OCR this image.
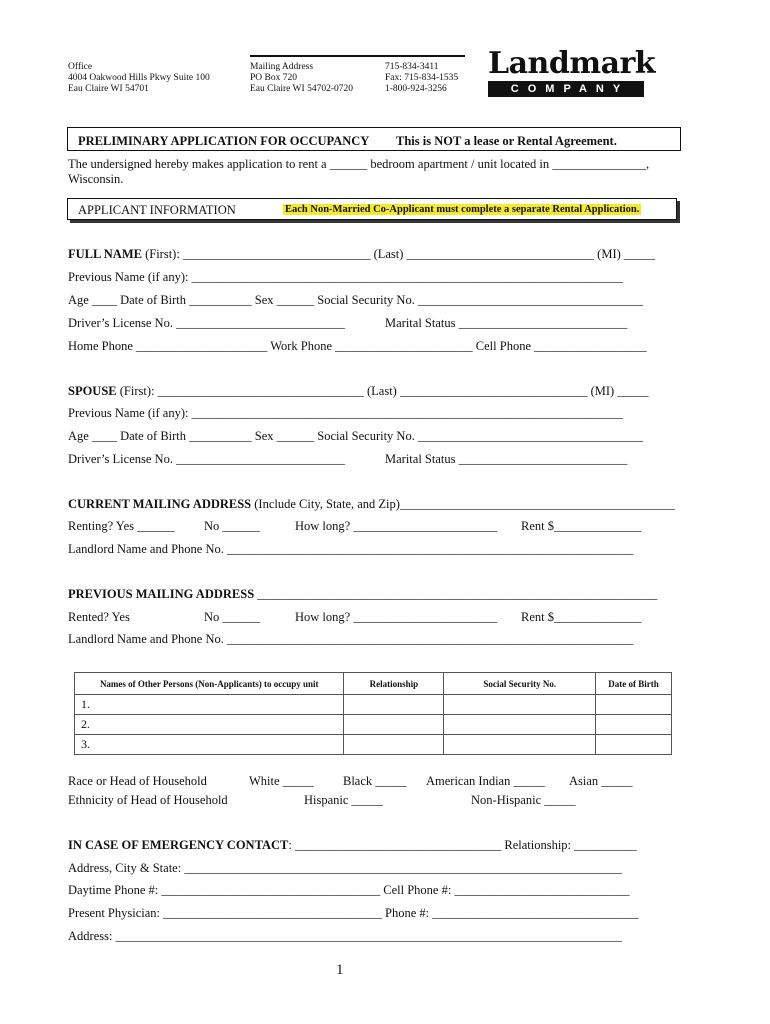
Office
4004 Oakwood Hills Pkwy Suite 100
Eau Claire WI 54701
Mailing Address
PO Box 720
Eau Claire WI 54702-0720
715-834-3411
Fax: 715-834-1535
1-800-924-3256
Landmark
COMPANY
PRELIMINARY APPLICATION FOR OCCUPANCY This is NOT a lease or Rental Agreement.
The undersigned hereby makes application to rent a ______ bedroom apartment / unit located in _______________,
Wisconsin.
APPLICANT INFORMATION	Each Non-Married Co-Applicant must complete a separate Rental Application.
FULL NAME (First): ______________________________ (Last) ______________________________ (MI) _____
Previous Name (if any): _____________________________________________________________________
Age ____ Date of Birth __________ Sex ______ Social Security No. ____________________________________
Driver’s License No. ___________________________	Marital Status ___________________________
Home Phone _____________________ Work Phone ______________________ Cell Phone __________________
SPOUSE (First): _________________________________ (Last) ______________________________ (MI) _____
Previous Name (if any): _____________________________________________________________________
Age ____ Date of Birth __________ Sex ______ Social Security No. ____________________________________
Driver’s License No. ___________________________	Marital Status ___________________________
CURRENT MAILING ADDRESS (Include City, State, and Zip)____________________________________________
Renting? Yes ______ No ______	How long? _______________________ Rent $______________
Landlord Name and Phone No. _________________________________________________________________
PREVIOUS MAILING ADDRESS ________________________________________________________________
Rented? Yes	No ______	How long? _______________________ Rent $______________
Landlord Name and Phone No. _________________________________________________________________
Names of Other Persons (Non-Applicants) to occupy unit	Relationship	Social Security No.	Date of Birth
1.			
2.			
3.			
Race or Head of Household	White _____ Black _____ American Indian _____ Asian _____
Ethnicity of Head of Household	Hispanic _____	Non-Hispanic _____
IN CASE OF EMERGENCY CONTACT: _________________________________ Relationship: __________
Address, City & State: ______________________________________________________________________
Daytime Phone #: ___________________________________ Cell Phone #: ____________________________
Present Physician: ___________________________________ Phone #: _________________________________
Address: _________________________________________________________________________________
1
